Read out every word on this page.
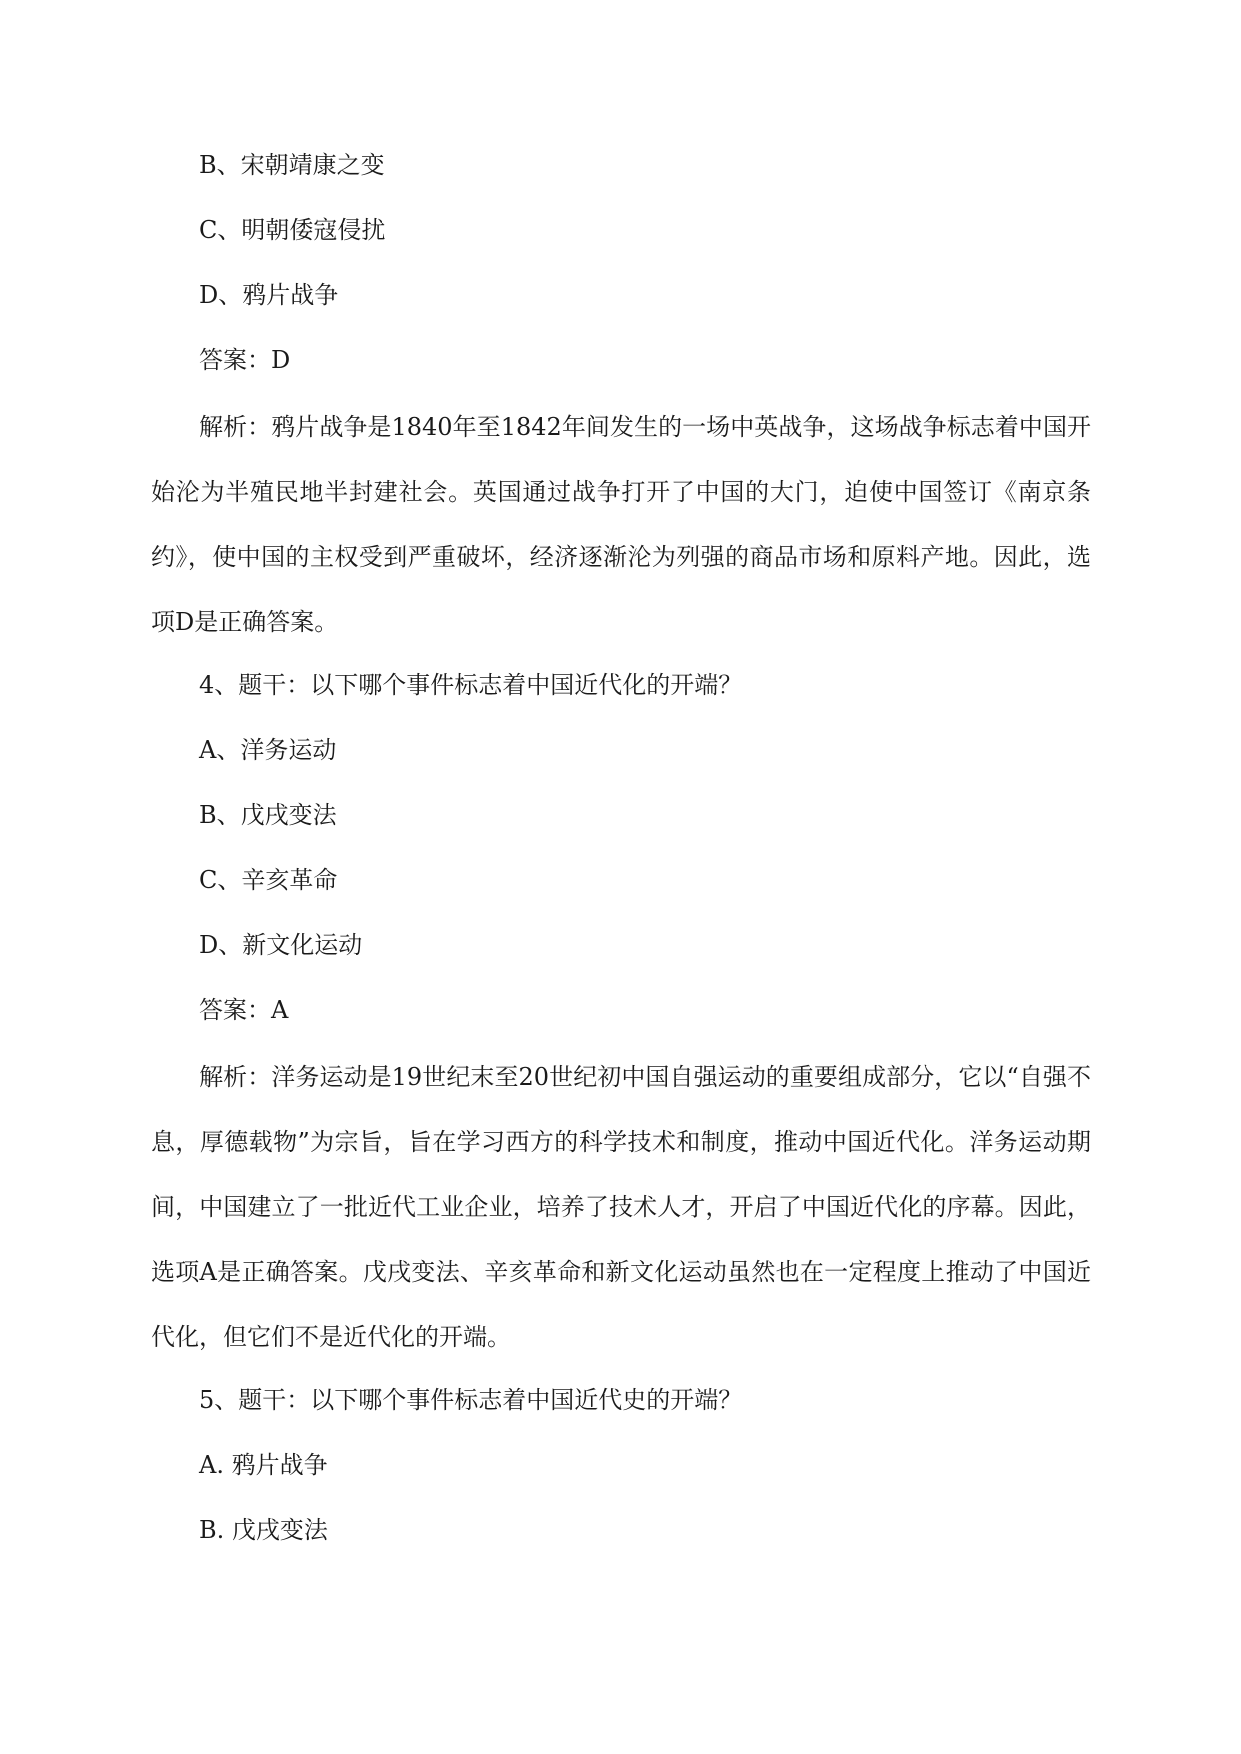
B、宋朝靖康之变
C、明朝倭寇侵扰
D、鸦片战争
答案：D
解析：鸦片战争是1840年至1842年间发生的一场中英战争，这场战争标志着中国开始沦为半殖民地半封建社会。英国通过战争打开了中国的大门，迫使中国签订《南京条约》，使中国的主权受到严重破坏，经济逐渐沦为列强的商品市场和原料产地。因此，选项D是正确答案。
4、题干：以下哪个事件标志着中国近代化的开端？
A、洋务运动
B、戊戌变法
C、辛亥革命
D、新文化运动
答案：A
解析：洋务运动是19世纪末至20世纪初中国自强运动的重要组成部分，它以“自强不息，厚德载物”为宗旨，旨在学习西方的科学技术和制度，推动中国近代化。洋务运动期间，中国建立了一批近代工业企业，培养了技术人才，开启了中国近代化的序幕。因此，选项A是正确答案。戊戌变法、辛亥革命和新文化运动虽然也在一定程度上推动了中国近代化，但它们不是近代化的开端。
5、题干：以下哪个事件标志着中国近代史的开端？
A. 鸦片战争
B. 戊戌变法
